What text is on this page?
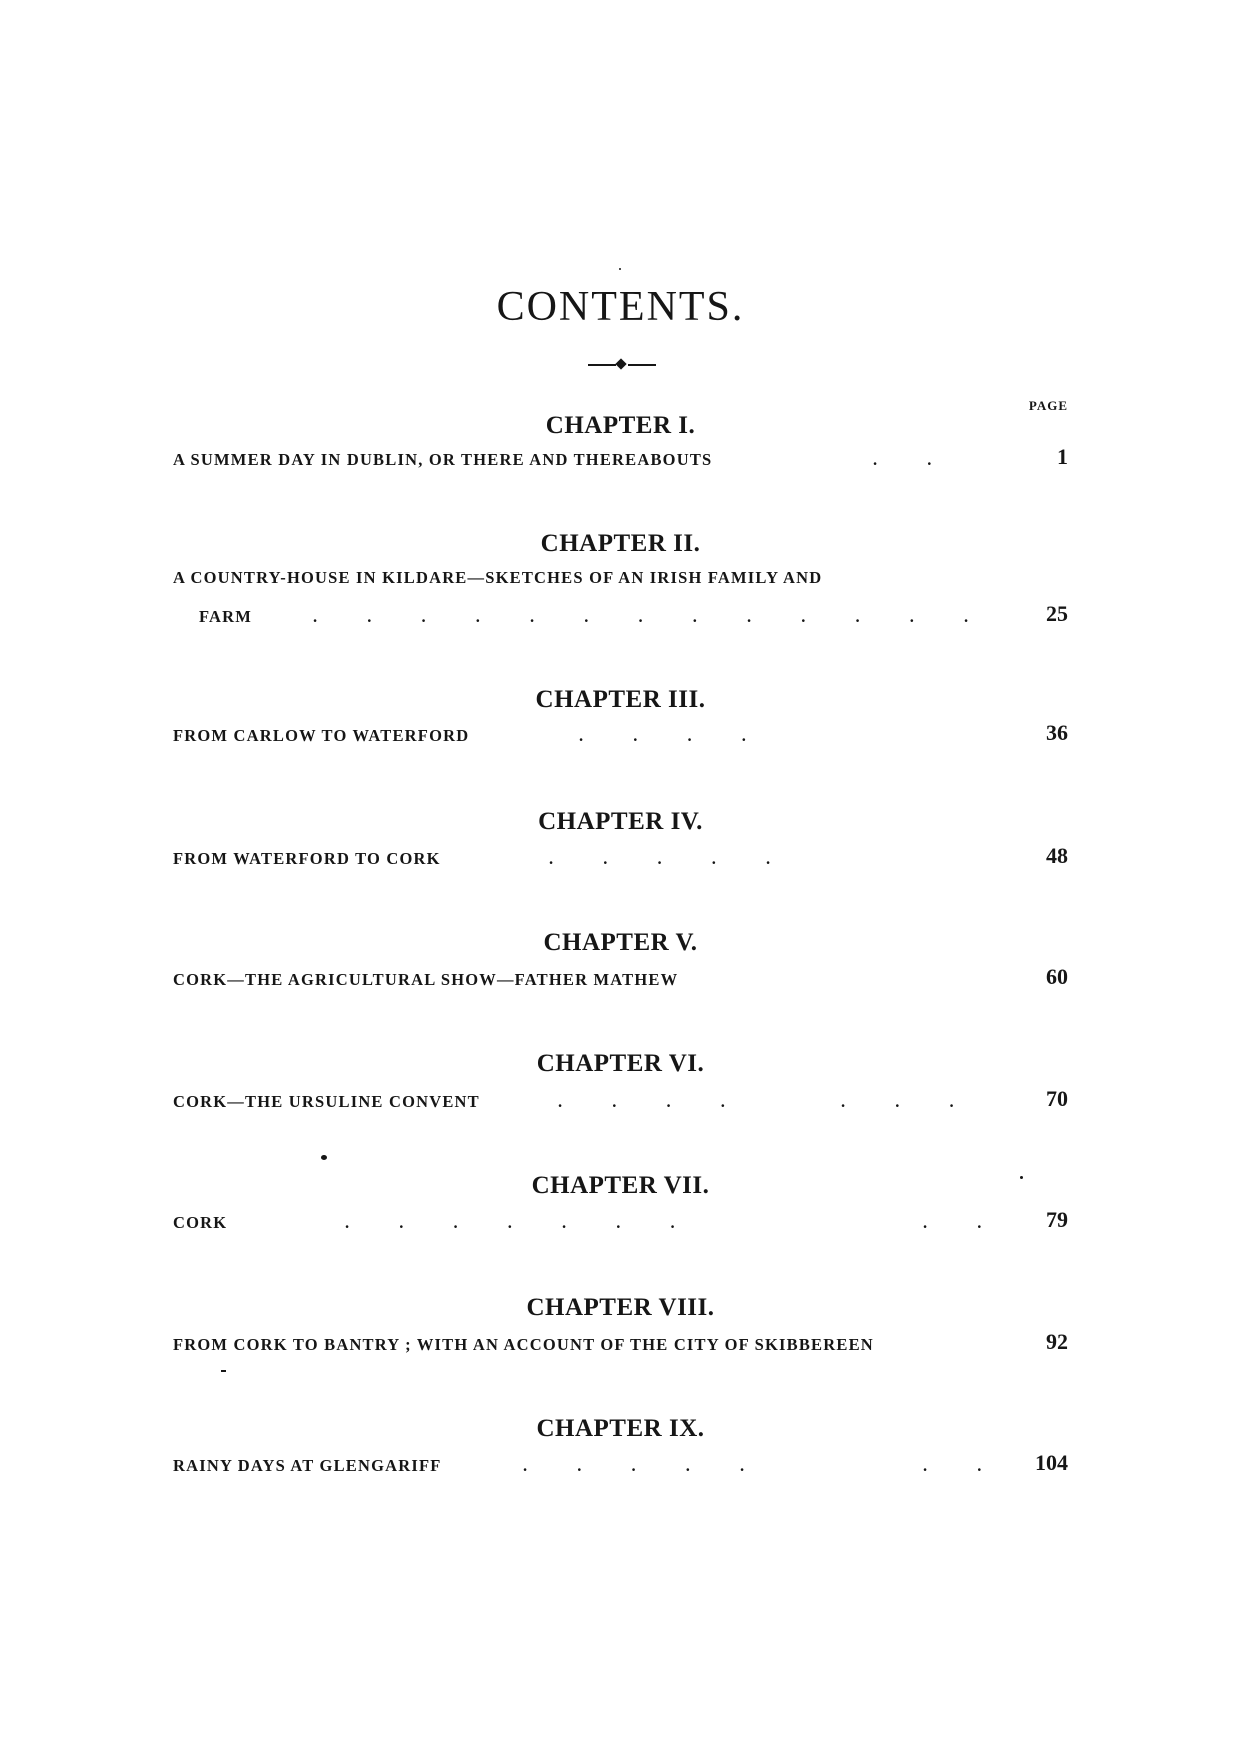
CONTENTS.
PAGE
CHAPTER I.
A SUMMER DAY IN DUBLIN, OR THERE AND THEREABOUTS	. .	1
CHAPTER II.
A COUNTRY-HOUSE IN KILDARE—SKETCHES OF AN IRISH FAMILY AND
FARM	. . . . . . . . . . . . . 25
CHAPTER III.
FROM CARLOW TO WATERFORD	. . . .	36
CHAPTER IV.
FROM WATERFORD TO CORK	. . . . .	48
CHAPTER V.
CORK—THE AGRICULTURAL SHOW—FATHER MATHEW	60
CHAPTER VI.
CORK—THE URSULINE CONVENT	. . . .	. . .	70
CHAPTER VII.
CORK	. . . . . . .	. . 79
CHAPTER VIII.
FROM CORK TO BANTRY ; WITH AN ACCOUNT OF THE CITY OF SKIBBEREEN	92
CHAPTER IX.
RAINY DAYS AT GLENGARIFF	. . . . .	. . 104
